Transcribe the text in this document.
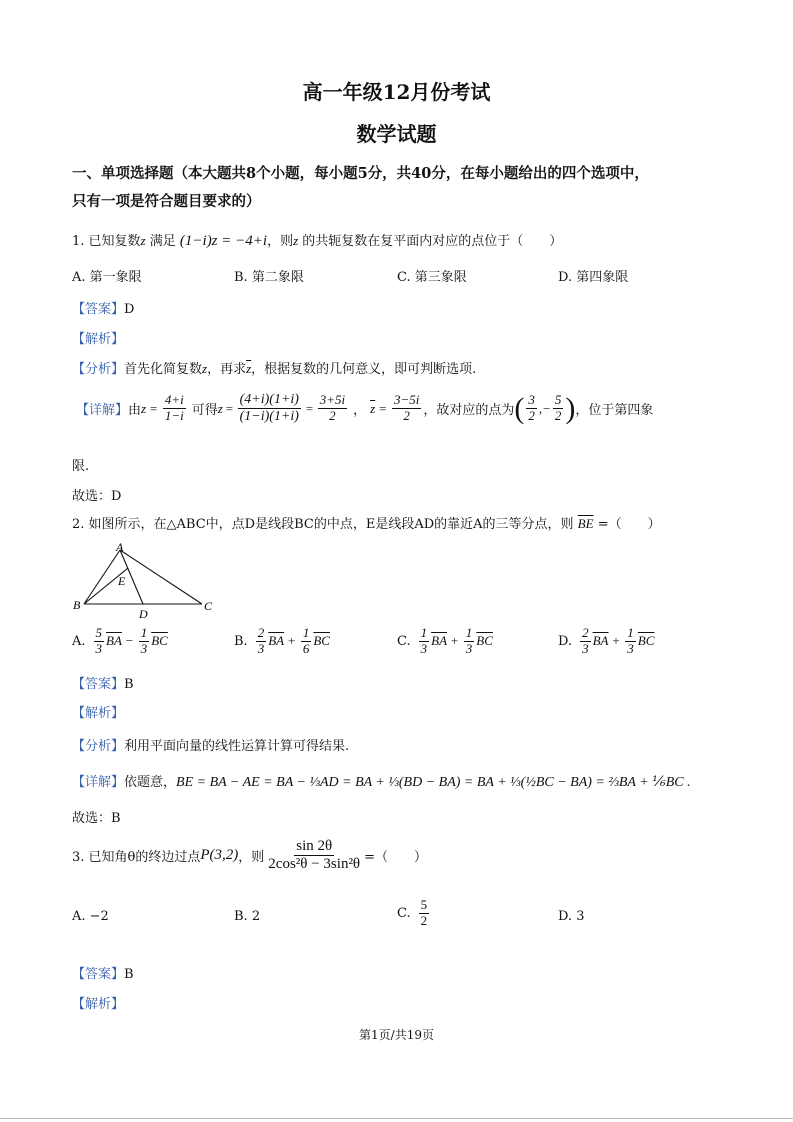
高一年级12月份考试
数学试题
一、单项选择题（本大题共8个小题，每小题5分，共40分，在每小题给出的四个选项中，
只有一项是符合题目要求的）
1. 已知复数z 满足 (1−i)z = −4+i，则z 的共轭复数在复平面内对应的点位于（　　）
A. 第一象限	B. 第二象限	C. 第三象限	D. 第四象限
【答案】D
【解析】
【分析】首先化简复数z，再求$\overline{z}$，根据复数的几何意义，即可判断选项.
【详解】 由 $z = \frac{4+i}{1-i}$ 可得 $z = \frac{(4+i)(1+i)}{(1-i)(1+i)} = \frac{3+5i}{2}$ ， $\overline{z} = \frac{3-5i}{2}$ ，故对应的点为 ( $\frac{3}{2}$ ,− $\frac{5}{2}$ ) ，位于第四象
限.
故选：D
2. 如图所示，在△ABC中，点D是线段BC的中点，E是线段AD的靠近A的三等分点，则 $\overline{BE}$ =（　　）
A
B	C
D
E
A. $\frac{5}{3} \overline{BA} - \frac{1}{3} \overline{BC}$	B. $\frac{2}{3} \overline{BA} + \frac{1}{6} \overline{BC}$	C. $\frac{1}{3} \overline{BA} + \frac{1}{3} \overline{BC}$	D. $\frac{2}{3} \overline{BA} + \frac{1}{3} \overline{BC}$
【答案】B
【解析】
【分析】利用平面向量的线性运算计算可得结果.
【详解】依题意，BE = BA − AE = BA − ⅓AD = BA + ⅓(BD − BA) = BA + ⅓(½BC − BA) = ⅔BA + ⅙BC .
故选：B
3. 已知角θ的终边过点 P(3,2) ，则 $\frac{\sin 2\theta}{\text{2cos²θ − 3sin²θ}}$ =（　　）
A. −2	B. 2	C. $\frac{5}{2}$	D. 3
【答案】B
【解析】
第1页/共19页
